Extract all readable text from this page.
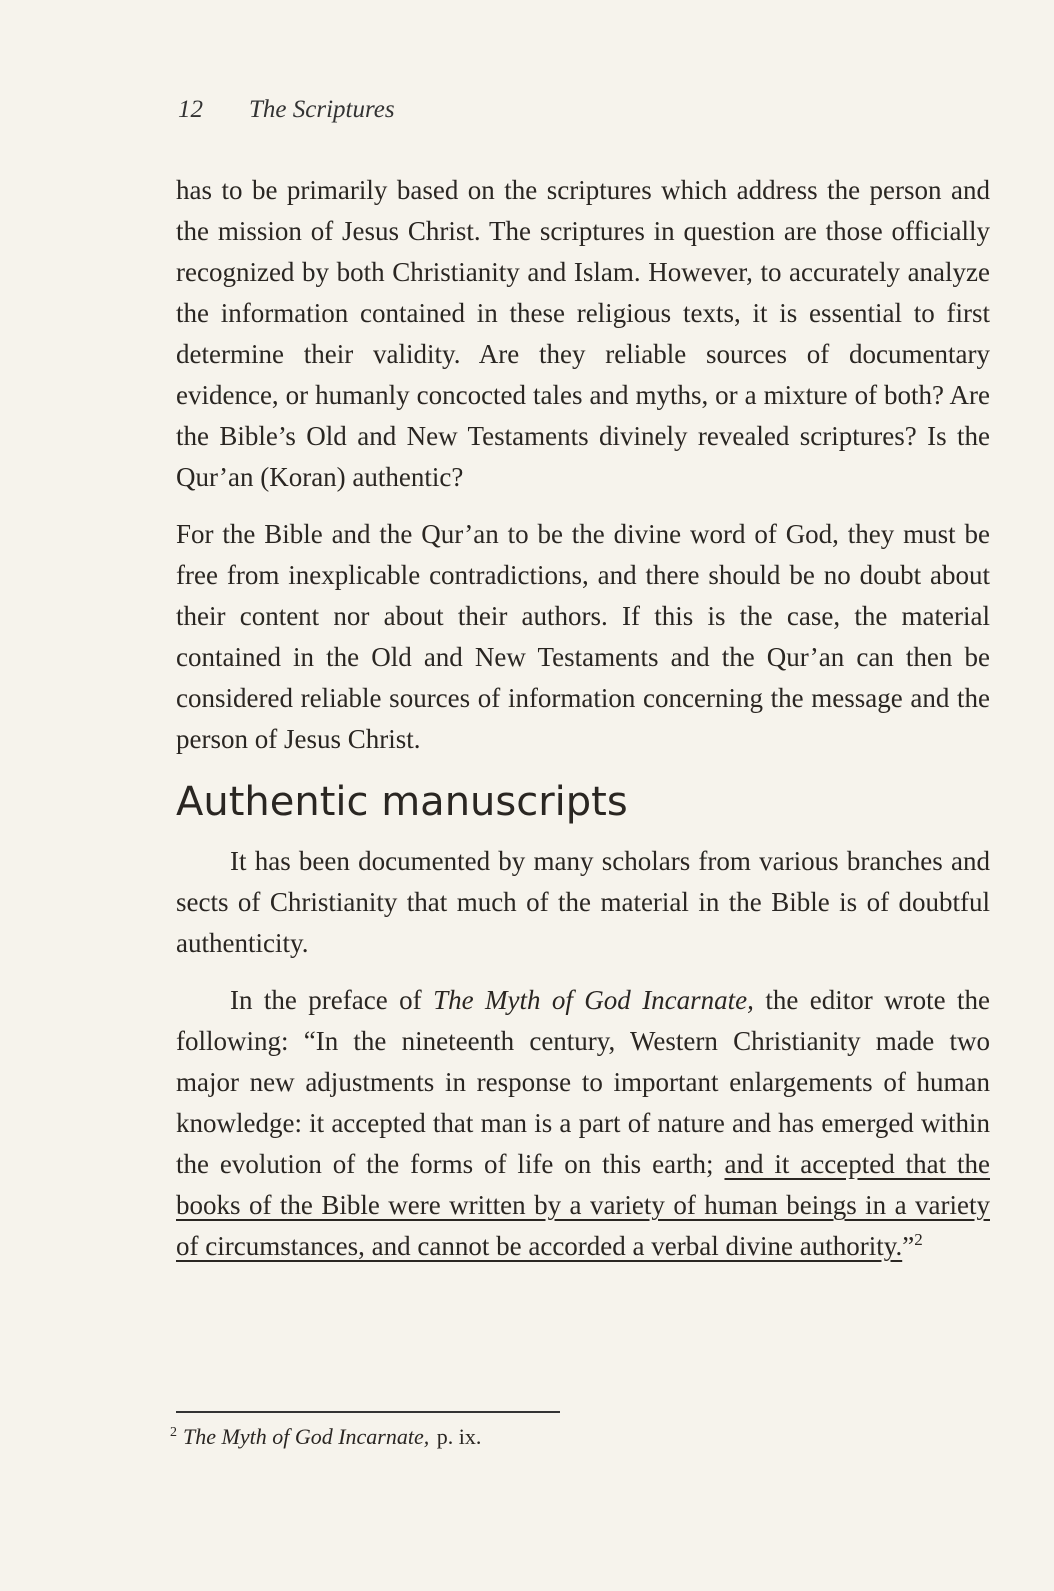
12 The Scriptures

has to be primarily based on the scriptures which address the person and the mission of Jesus Christ. The scriptures in question are those officially recognized by both Christianity and Islam. However, to accurately analyze the information contained in these religious texts, it is essential to first determine their validity. Are they reliable sources of documentary evidence, or humanly concocted tales and myths, or a mixture of both? Are the Bible’s Old and New Testaments divinely revealed scriptures? Is the Qur’an (Koran) authentic?

For the Bible and the Qur’an to be the divine word of God, they must be free from inexplicable contradictions, and there should be no doubt about their content nor about their authors. If this is the case, the material contained in the Old and New Testaments and the Qur’an can then be considered reliable sources of information concerning the message and the person of Jesus Christ.

Authentic manuscripts

It has been documented by many scholars from various branches and sects of Christianity that much of the material in the Bible is of doubtful authenticity.

In the preface of The Myth of God Incarnate, the editor wrote the following: “In the nineteenth century, Western Christianity made two major new adjustments in response to important enlargements of human knowledge: it accepted that man is a part of nature and has emerged within the evolution of the forms of life on this earth; and it accepted that the books of the Bible were written by a variety of human beings in a variety of circumstances, and cannot be accorded a verbal divine authority.”$^2$

$^2$ The Myth of God Incarnate, p. ix.
